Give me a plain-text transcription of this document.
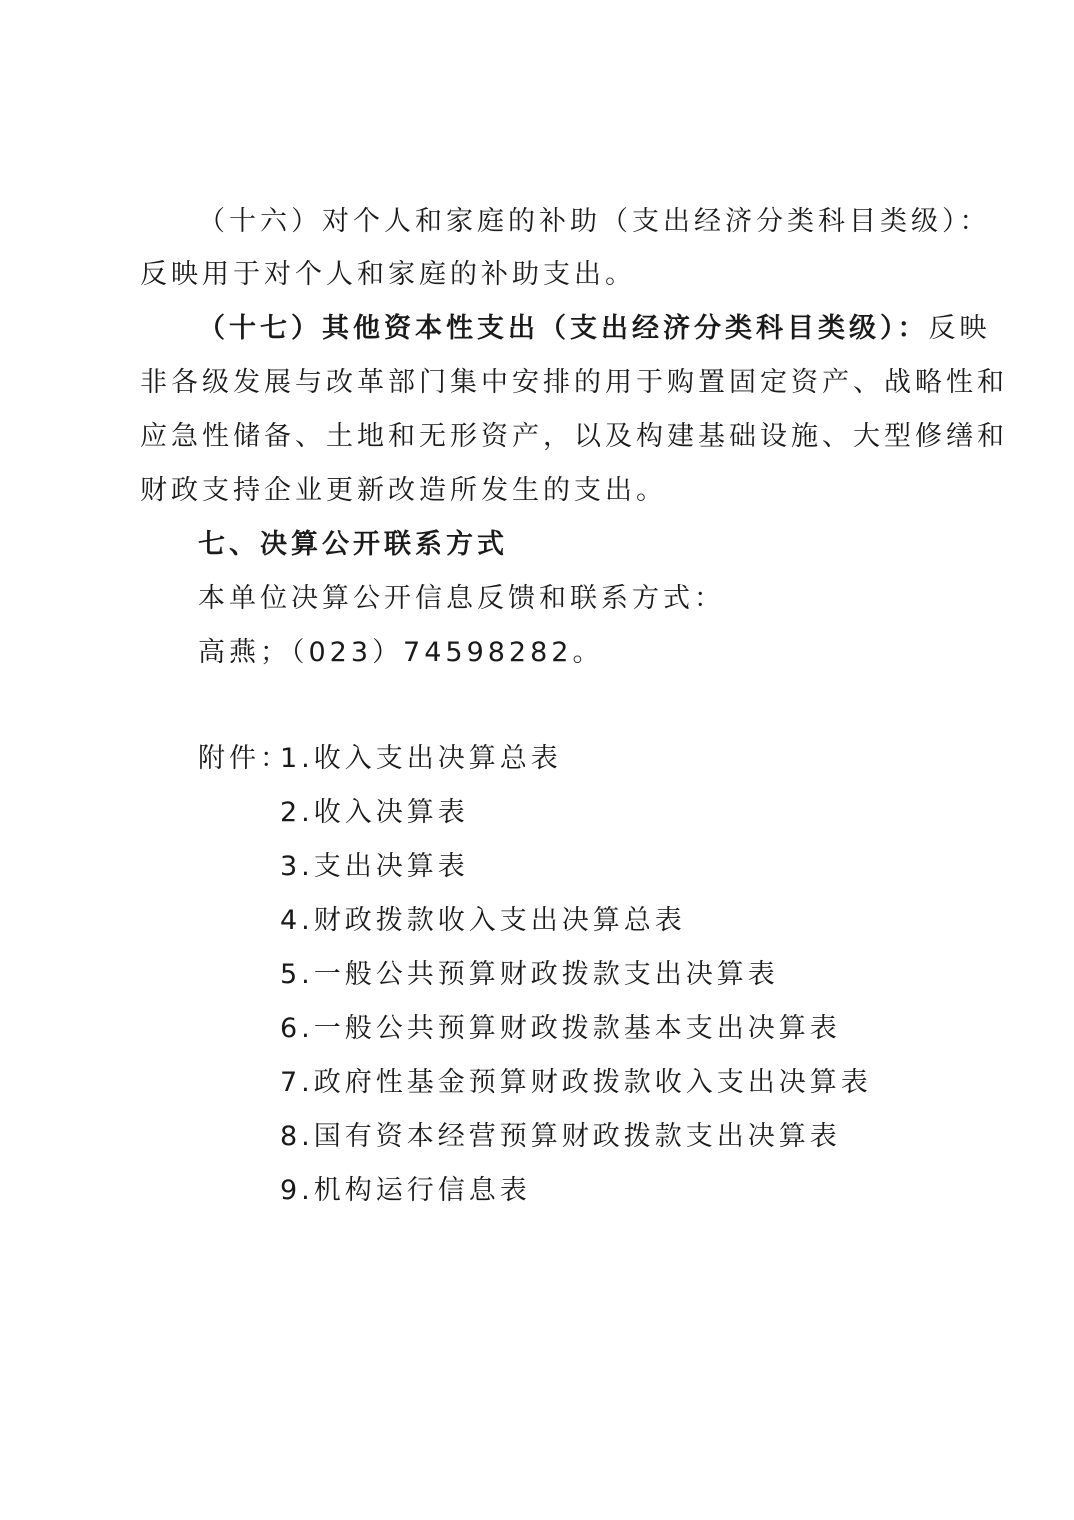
（十六）对个人和家庭的补助（支出经济分类科目类级）：
反映用于对个人和家庭的补助支出。
（十七）其他资本性支出（支出经济分类科目类级）：反映
非各级发展与改革部门集中安排的用于购置固定资产、战略性和
应急性储备、土地和无形资产，以及构建基础设施、大型修缮和
财政支持企业更新改造所发生的支出。
七、决算公开联系方式
本单位决算公开信息反馈和联系方式：
高燕；（023）74598282。
附件：
1.收入支出决算总表
2.收入决算表
3.支出决算表
4.财政拨款收入支出决算总表
5.一般公共预算财政拨款支出决算表
6.一般公共预算财政拨款基本支出决算表
7.政府性基金预算财政拨款收入支出决算表
8.国有资本经营预算财政拨款支出决算表
9.机构运行信息表
